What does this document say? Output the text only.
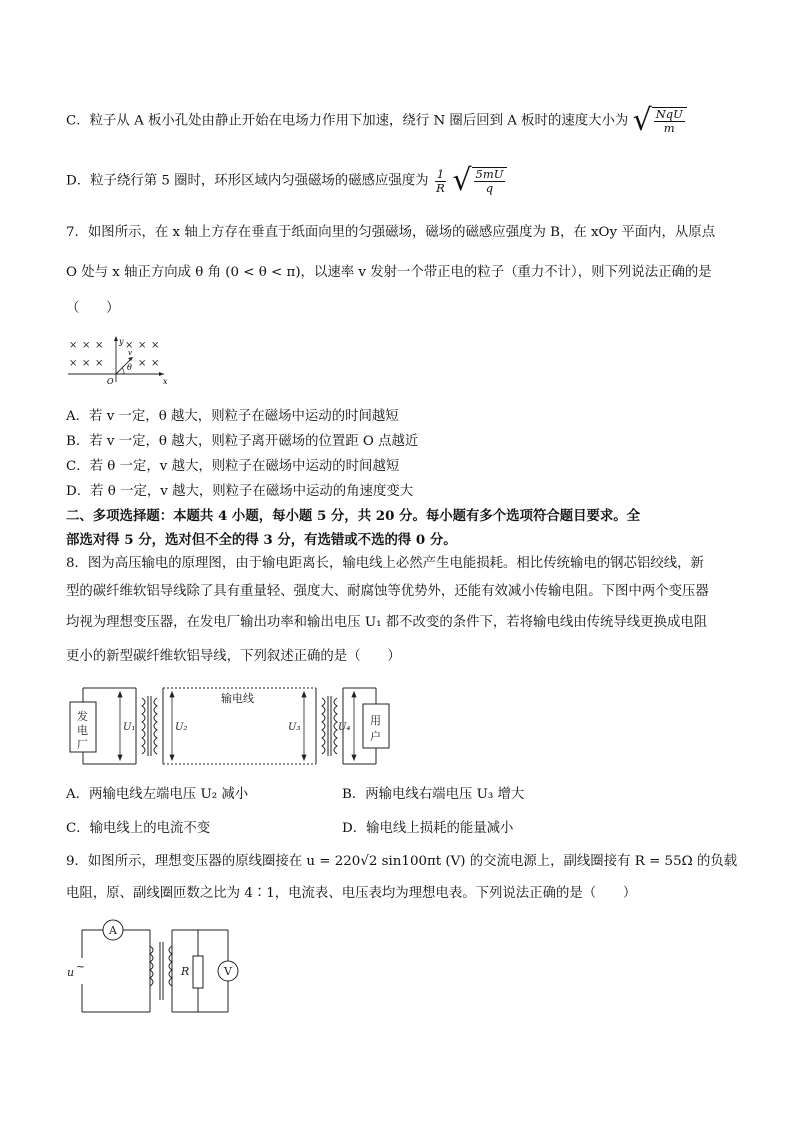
C．粒子从 A 板小孔处由静止开始在电场力作用下加速，绕行 N 圈后回到 A 板时的速度大小为 √ $\frac{\text{NqU}}{m}$
D．粒子绕行第 5 圈时，环形区域内匀强磁场的磁感应强度为 $\frac{1}{R}$
√ $\frac{5mU}{q}$
7．如图所示，在 x 轴上方存在垂直于纸面向里的匀强磁场，磁场的磁感应强度为 B，在 xOy 平面内，从原点
O 处与 x 轴正方向成 θ 角 (0 < θ < π)，以速率 v 发射一个带正电的粒子（重力不计），则下列说法正确的是
（　　）
× × × × × ×
× × ×	× ×
y
x
O
θ
v
A．若 v 一定，θ 越大，则粒子在磁场中运动的时间越短
B．若 v 一定，θ 越大，则粒子离开磁场的位置距 O 点越近
C．若 θ 一定，v 越大，则粒子在磁场中运动的时间越短
D．若 θ 一定，v 越大，则粒子在磁场中运动的角速度变大
二、多项选择题：本题共 4 小题，每小题 5 分，共 20 分。每小题有多个选项符合题目要求。全
部选对得 5 分，选对但不全的得 3 分，有选错或不选的得 0 分。
8．图为高压输电的原理图，由于输电距离长，输电线上必然产生电能损耗。相比传统输电的钢芯铝绞线，新
型的碳纤维软铝导线除了具有重量轻、强度大、耐腐蚀等优势外，还能有效减小传输电阻。下图中两个变压器
均视为理想变压器，在发电厂输出功率和输出电压 U₁ 都不改变的条件下，若将输电线由传统导线更换成电阻
更小的新型碳纤维软铝导线，下列叙述正确的是（　　）
发
电
厂
输电线
用
户
U₁	U₂	U₃	U₄
A．两输电线左端电压 U₂ 减小	B．两输电线右端电压 U₃ 增大
C．输电线上的电流不变	D．输电线上损耗的能量减小
9．如图所示，理想变压器的原线圈接在 u = 220√2 sin100πt (V) 的交流电源上，副线圈接有 R = 55Ω 的负载
电阻，原、副线圈匝数之比为 4∶1，电流表、电压表均为理想电表。下列说法正确的是（　　）
A
V
u ~	R
